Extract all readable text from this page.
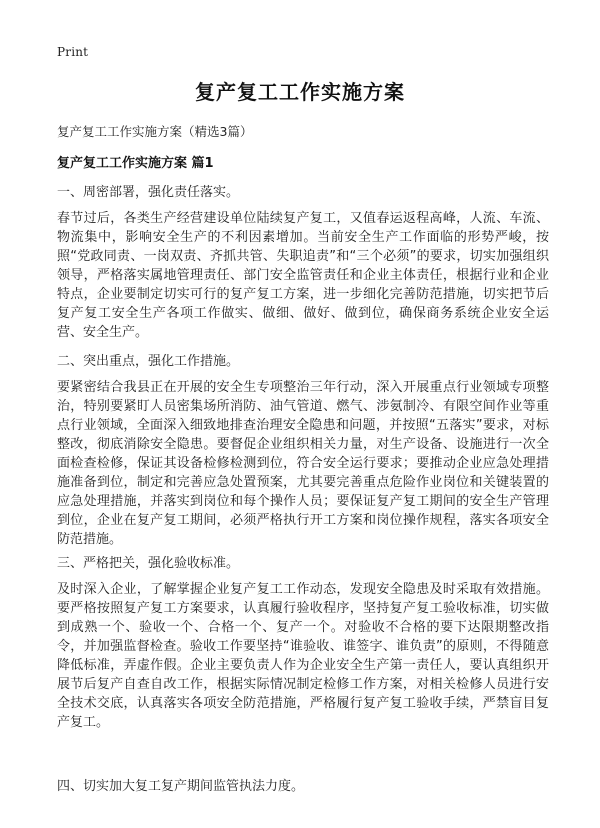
Print
复产复工工作实施方案
复产复工工作实施方案（精选3篇）
复产复工工作实施方案 篇1
一、周密部署，强化责任落实。

春节过后，各类生产经营建设单位陆续复产复工，又值春运返程高峰，人流、车流、物流集中，影响安全生产的不利因素增加。当前安全生产工作面临的形势严峻，按照“党政同责、一岗双责、齐抓共管、失职追责”和“三个必须”的要求，切实加强组织领导，严格落实属地管理责任、部门安全监管责任和企业主体责任，根据行业和企业特点，企业要制定切实可行的复产复工方案，进一步细化完善防范措施，切实把节后复产复工安全生产各项工作做实、做细、做好、做到位，确保商务系统企业安全运营、安全生产。

二、突出重点，强化工作措施。

要紧密结合我县正在开展的安全生专项整治三年行动，深入开展重点行业领域专项整治，特别要紧盯人员密集场所消防、油气管道、燃气、涉氨制冷、有限空间作业等重点行业领域，全面深入细致地排查治理安全隐患和问题，并按照“五落实”要求，对标整改，彻底消除安全隐患。要督促企业组织相关力量，对生产设备、设施进行一次全面检查检修，保证其设备检修检测到位，符合安全运行要求；要推动企业应急处理措施准备到位，制定和完善应急处置预案，尤其要完善重点危险作业岗位和关键装置的应急处理措施，并落实到岗位和每个操作人员；要保证复产复工期间的安全生产管理到位，企业在复产复工期间，必须严格执行开工方案和岗位操作规程，落实各项安全防范措施。

三、严格把关，强化验收标准。

及时深入企业，了解掌握企业复产复工工作动态，发现安全隐患及时采取有效措施。要严格按照复产复工方案要求，认真履行验收程序，坚持复产复工验收标准，切实做到成熟一个、验收一个、合格一个、复产一个。对验收不合格的要下达限期整改指令，并加强监督检查。验收工作要坚持“谁验收、谁签字、谁负责”的原则，不得随意降低标准，弄虚作假。企业主要负责人作为企业安全生产第一责任人，要认真组织开展节后复产自查自改工作，根据实际情况制定检修工作方案，对相关检修人员进行安全技术交底，认真落实各项安全防范措施，严格履行复产复工验收手续，严禁盲目复产复工。

四、切实加大复工复产期间监管执法力度。
